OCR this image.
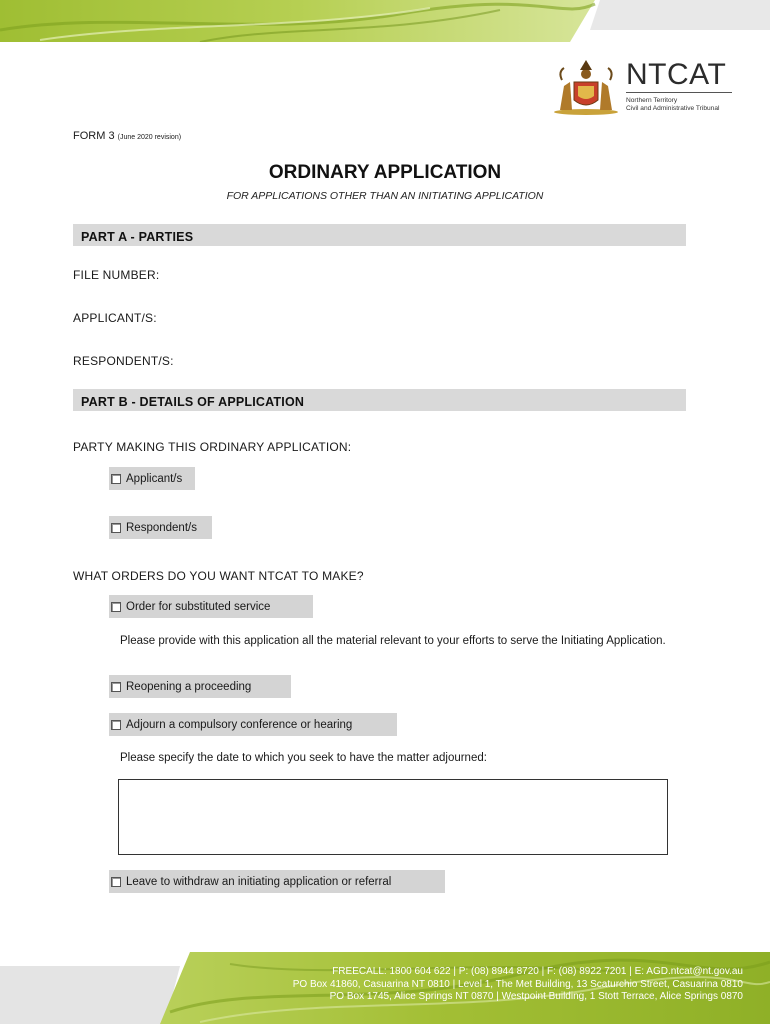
NTCAT
Northern Territory
Civil and Administrative Tribunal
FORM 3 (June 2020 revision)
ORDINARY APPLICATION
FOR APPLICATIONS OTHER THAN AN INITIATING APPLICATION
PART A - PARTIES
FILE NUMBER:
APPLICANT/S:
RESPONDENT/S:
PART B - DETAILS OF APPLICATION
PARTY MAKING THIS ORDINARY APPLICATION:
Applicant/s
Respondent/s
WHAT ORDERS DO YOU WANT NTCAT TO MAKE?
Order for substituted service
Please provide with this application all the material relevant to your efforts to serve the Initiating Application.
Reopening a proceeding
Adjourn a compulsory conference or hearing
Please specify the date to which you seek to have the matter adjourned:
Leave to withdraw an initiating application or referral
FREECALL: 1800 604 622 | P: (08) 8944 8720 | F: (08) 8922 7201 | E: AGD.ntcat@nt.gov.au
PO Box 41860, Casuarina NT 0810 | Level 1, The Met Building, 13 Scaturchio Street, Casuarina 0810
PO Box 1745, Alice Springs NT 0870 | Westpoint Building, 1 Stott Terrace, Alice Springs 0870
